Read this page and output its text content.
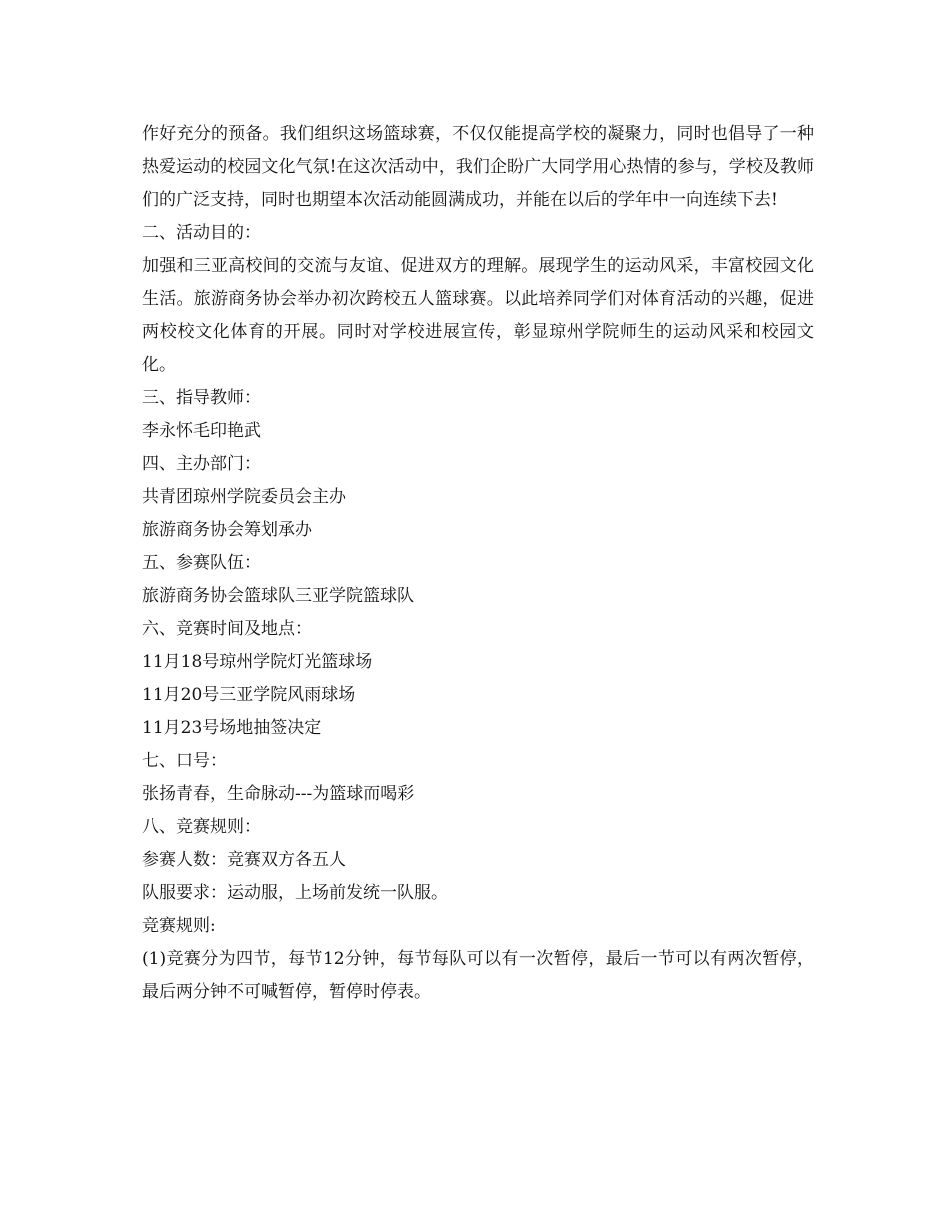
作好充分的预备。我们组织这场篮球赛，不仅仅能提高学校的凝聚力，同时也倡导了一种热爱运动的校园文化气氛!在这次活动中，我们企盼广大同学用心热情的参与，学校及教师们的广泛支持，同时也期望本次活动能圆满成功，并能在以后的学年中一向连续下去!

二、活动目的：

加强和三亚高校间的交流与友谊、促进双方的理解。展现学生的运动风采，丰富校园文化生活。旅游商务协会举办初次跨校五人篮球赛。以此培养同学们对体育活动的兴趣，促进两校校文化体育的开展。同时对学校进展宣传，彰显琼州学院师生的运动风采和校园文化。

三、指导教师：

李永怀毛印艳武

四、主办部门：

共青团琼州学院委员会主办

旅游商务协会筹划承办

五、参赛队伍：

旅游商务协会篮球队三亚学院篮球队

六、竞赛时间及地点：

11月18号琼州学院灯光篮球场

11月20号三亚学院风雨球场

11月23号场地抽签决定

七、口号：

张扬青春，生命脉动---为篮球而喝彩

八、竞赛规则：

参赛人数：竞赛双方各五人

队服要求：运动服，上场前发统一队服。

竞赛规则:

(1)竞赛分为四节，每节12分钟，每节每队可以有一次暂停，最后一节可以有两次暂停，最后两分钟不可喊暂停，暂停时停表。
